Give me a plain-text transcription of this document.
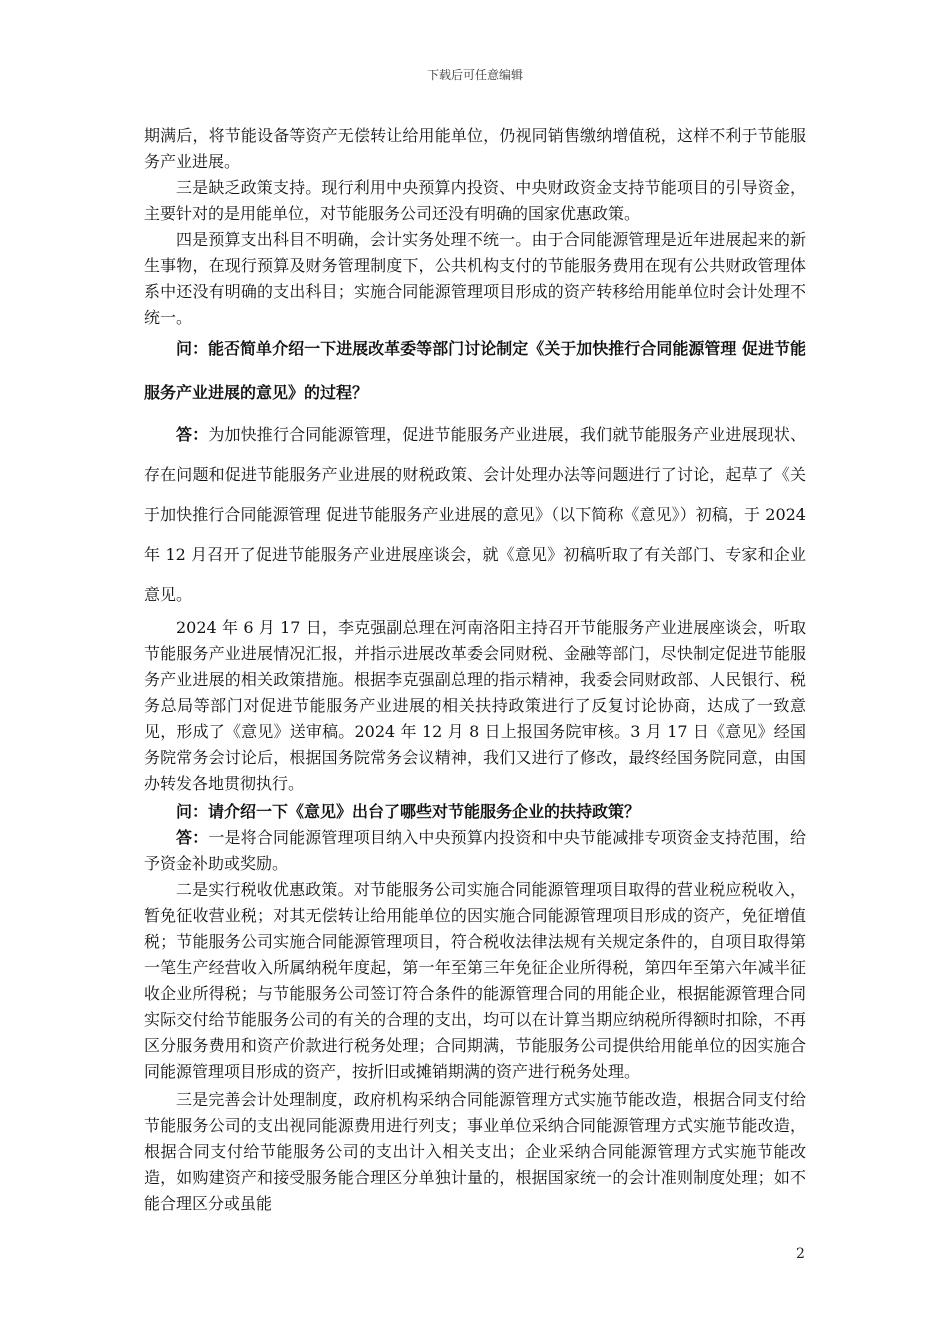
下载后可任意编辑

期满后，将节能设备等资产无偿转让给用能单位，仍视同销售缴纳增值税，这样不利于节能服务产业进展。

三是缺乏政策支持。现行利用中央预算内投资、中央财政资金支持节能项目的引导资金，主要针对的是用能单位，对节能服务公司还没有明确的国家优惠政策。

四是预算支出科目不明确，会计实务处理不统一。由于合同能源管理是近年进展起来的新生事物，在现行预算及财务管理制度下，公共机构支付的节能服务费用在现有公共财政管理体系中还没有明确的支出科目；实施合同能源管理项目形成的资产转移给用能单位时会计处理不统一。

问：能否简单介绍一下进展改革委等部门讨论制定《关于加快推行合同能源管理 促进节能服务产业进展的意见》的过程？

答：为加快推行合同能源管理，促进节能服务产业进展，我们就节能服务产业进展现状、存在问题和促进节能服务产业进展的财税政策、会计处理办法等问题进行了讨论，起草了《关于加快推行合同能源管理 促进节能服务产业进展的意见》（以下简称《意见》）初稿，于 2024 年 12 月召开了促进节能服务产业进展座谈会，就《意见》初稿听取了有关部门、专家和企业意见。

2024 年 6 月 17 日，李克强副总理在河南洛阳主持召开节能服务产业进展座谈会，听取节能服务产业进展情况汇报，并指示进展改革委会同财税、金融等部门，尽快制定促进节能服务产业进展的相关政策措施。根据李克强副总理的指示精神，我委会同财政部、人民银行、税务总局等部门对促进节能服务产业进展的相关扶持政策进行了反复讨论协商，达成了一致意见，形成了《意见》送审稿。2024 年 12 月 8 日上报国务院审核。3 月 17 日《意见》经国务院常务会讨论后，根据国务院常务会议精神，我们又进行了修改，最终经国务院同意，由国办转发各地贯彻执行。

问：请介绍一下《意见》出台了哪些对节能服务企业的扶持政策？

答：一是将合同能源管理项目纳入中央预算内投资和中央节能减排专项资金支持范围，给予资金补助或奖励。

二是实行税收优惠政策。对节能服务公司实施合同能源管理项目取得的营业税应税收入，暂免征收营业税；对其无偿转让给用能单位的因实施合同能源管理项目形成的资产，免征增值税；节能服务公司实施合同能源管理项目，符合税收法律法规有关规定条件的，自项目取得第一笔生产经营收入所属纳税年度起，第一年至第三年免征企业所得税，第四年至第六年减半征收企业所得税；与节能服务公司签订符合条件的能源管理合同的用能企业，根据能源管理合同实际交付给节能服务公司的有关的合理的支出，均可以在计算当期应纳税所得额时扣除，不再区分服务费用和资产价款进行税务处理；合同期满，节能服务公司提供给用能单位的因实施合同能源管理项目形成的资产，按折旧或摊销期满的资产进行税务处理。

三是完善会计处理制度，政府机构采纳合同能源管理方式实施节能改造，根据合同支付给节能服务公司的支出视同能源费用进行列支；事业单位采纳合同能源管理方式实施节能改造，根据合同支付给节能服务公司的支出计入相关支出；企业采纳合同能源管理方式实施节能改造，如购建资产和接受服务能合理区分单独计量的，根据国家统一的会计准则制度处理；如不能合理区分或虽能

2
